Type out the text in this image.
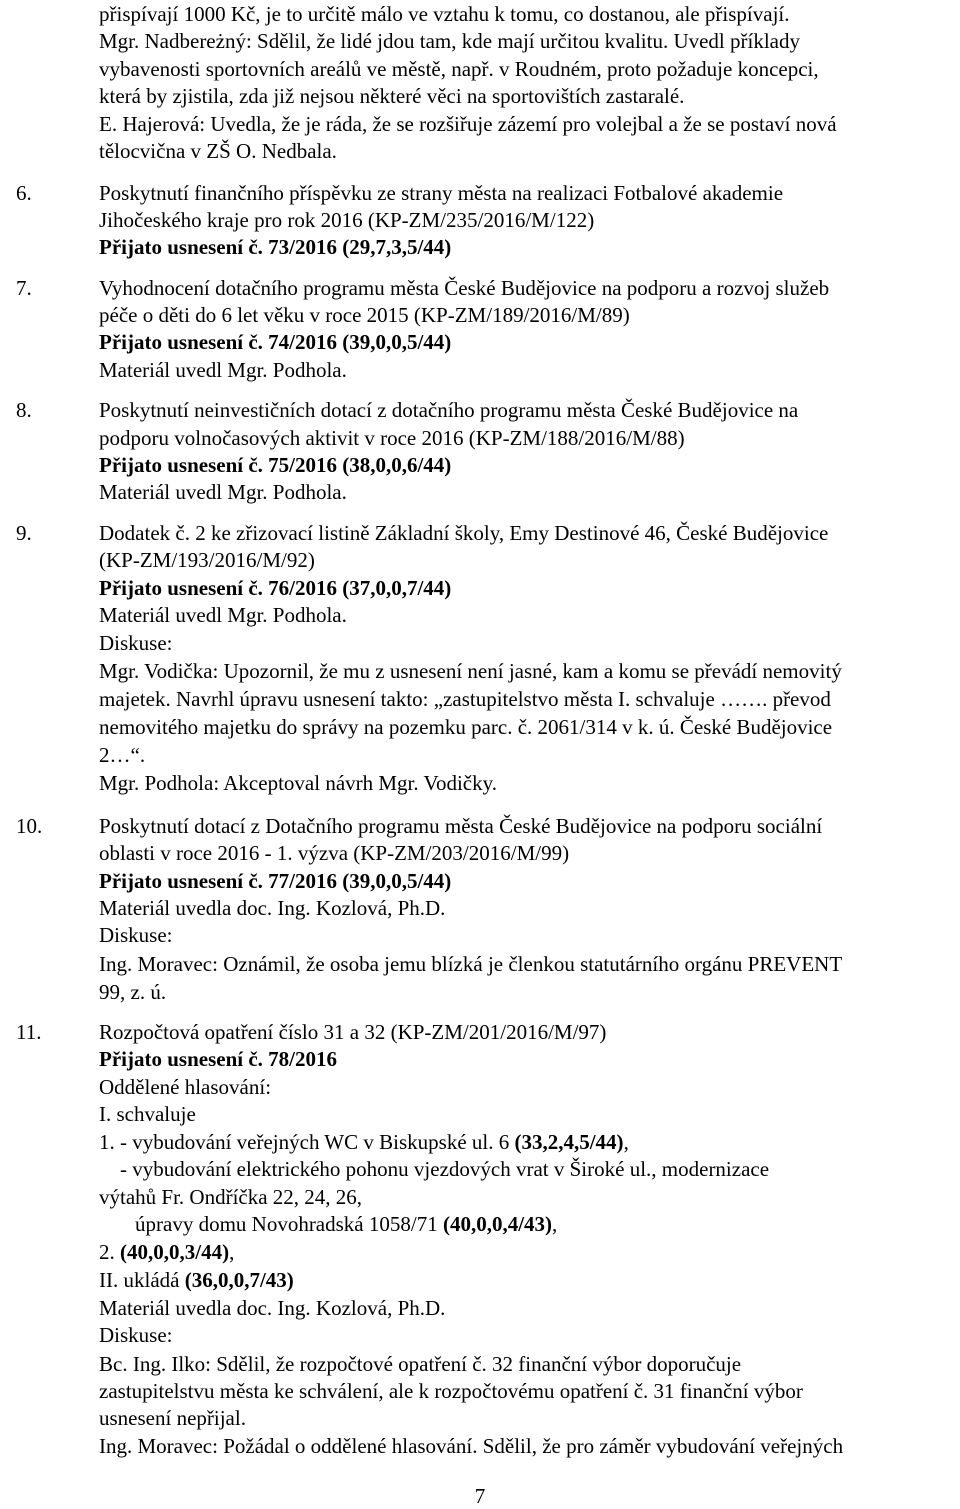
přispívají 1000 Kč, je to určitě málo ve vztahu k tomu, co dostanou, ale přispívají.

Mgr. Nadbereżný: Sdělil, že lidé jdou tam, kde mají určitou kvalitu. Uvedl příklady

vybavenosti sportovních areálů ve městě, např. v Roudném, proto požaduje koncepci,

která by zjistila, zda již nejsou některé věci na sportovištích zastaralé.

E. Hajerová: Uvedla, že je ráda, že se rozšiřuje zázemí pro volejbal a že se postaví nová

tělocvična v ZŠ O. Nedbala.

6.	Poskytnutí finančního příspěvku ze strany města na realizaci Fotbalové akademie

Jihočeského kraje pro rok 2016 (KP-ZM/235/2016/M/122)

Přijato usnesení č. 73/2016 (29,7,3,5/44)

7.	Vyhodnocení dotačního programu města České Budějovice na podporu a rozvoj služeb

péče o děti do 6 let věku v roce 2015 (KP-ZM/189/2016/M/89)

Přijato usnesení č. 74/2016 (39,0,0,5/44)

Materiál uvedl Mgr. Podhola.

8.	Poskytnutí neinvestičních dotací z dotačního programu města České Budějovice na

podporu volnočasových aktivit v roce 2016 (KP-ZM/188/2016/M/88)

Přijato usnesení č. 75/2016 (38,0,0,6/44)

Materiál uvedl Mgr. Podhola.

9.	Dodatek č. 2 ke zřizovací listině Základní školy, Emy Destinové 46, České Budějovice

(KP-ZM/193/2016/M/92)

Přijato usnesení č. 76/2016 (37,0,0,7/44)

Materiál uvedl Mgr. Podhola.

Diskuse:

Mgr. Vodička: Upozornil, že mu z usnesení není jasné, kam a komu se převádí nemovitý

majetek. Navrhl úpravu usnesení takto: „zastupitelstvo města I. schvaluje ……. převod

nemovitého majetku do správy na pozemku parc. č. 2061/314 v k. ú. České Budějovice

2…“.

Mgr. Podhola: Akceptoval návrh Mgr. Vodičky.

10.	Poskytnutí dotací z Dotačního programu města České Budějovice na podporu sociální

oblasti v roce 2016 - 1. výzva (KP-ZM/203/2016/M/99)

Přijato usnesení č. 77/2016 (39,0,0,5/44)

Materiál uvedla doc. Ing. Kozlová, Ph.D.

Diskuse:

Ing. Moravec: Oznámil, že osoba jemu blízká je členkou statutárního orgánu PREVENT

99, z. ú.

11.	Rozpočtová opatření číslo 31 a 32 (KP-ZM/201/2016/M/97)

Přijato usnesení č. 78/2016

Oddělené hlasování:

I. schvaluje

1. - vybudování veřejných WC v Biskupské ul. 6 (33,2,4,5/44),

- vybudování elektrického pohonu vjezdových vrat v Široké ul., modernizace

výtahů Fr. Ondříčka 22, 24, 26,

úpravy domu Novohradská 1058/71 (40,0,0,4/43),

2. (40,0,0,3/44),

II. ukládá (36,0,0,7/43)

Materiál uvedla doc. Ing. Kozlová, Ph.D.

Diskuse:

Bc. Ing. Ilko: Sdělil, že rozpočtové opatření č. 32 finanční výbor doporučuje

zastupitelstvu města ke schválení, ale k rozpočtovému opatření č. 31 finanční výbor

usnesení nepřijal.

Ing. Moravec: Požádal o oddělené hlasování. Sdělil, že pro záměr vybudování veřejných

7
